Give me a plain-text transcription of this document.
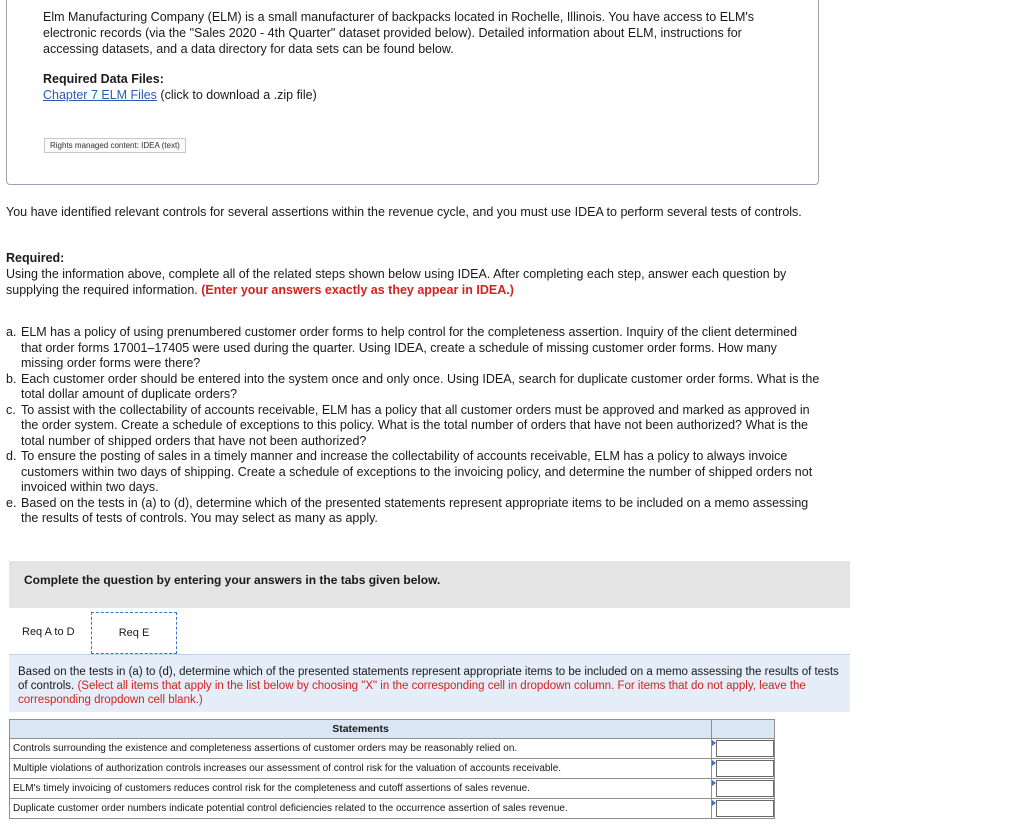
Elm Manufacturing Company (ELM) is a small manufacturer of backpacks located in Rochelle, Illinois. You have access to ELM's electronic records (via the "Sales 2020 - 4th Quarter" dataset provided below). Detailed information about ELM, instructions for accessing datasets, and a data directory for data sets can be found below.
Required Data Files:
Chapter 7 ELM Files (click to download a .zip file)
Rights managed content: IDEA (text)
You have identified relevant controls for several assertions within the revenue cycle, and you must use IDEA to perform several tests of controls.
Required:
Using the information above, complete all of the related steps shown below using IDEA. After completing each step, answer each question by supplying the required information. (Enter your answers exactly as they appear in IDEA.)
a. ELM has a policy of using prenumbered customer order forms to help control for the completeness assertion. Inquiry of the client determined that order forms 17001–17405 were used during the quarter. Using IDEA, create a schedule of missing customer order forms. How many missing order forms were there?
b. Each customer order should be entered into the system once and only once. Using IDEA, search for duplicate customer order forms. What is the total dollar amount of duplicate orders?
c. To assist with the collectability of accounts receivable, ELM has a policy that all customer orders must be approved and marked as approved in the order system. Create a schedule of exceptions to this policy. What is the total number of orders that have not been authorized? What is the total number of shipped orders that have not been authorized?
d. To ensure the posting of sales in a timely manner and increase the collectability of accounts receivable, ELM has a policy to always invoice customers within two days of shipping. Create a schedule of exceptions to the invoicing policy, and determine the number of shipped orders not invoiced within two days.
e. Based on the tests in (a) to (d), determine which of the presented statements represent appropriate items to be included on a memo assessing the results of tests of controls. You may select as many as apply.
Complete the question by entering your answers in the tabs given below.
Req A to D	Req E
Based on the tests in (a) to (d), determine which of the presented statements represent appropriate items to be included on a memo assessing the results of tests of controls. (Select all items that apply in the list below by choosing "X" in the corresponding cell in dropdown column. For items that do not apply, leave the corresponding dropdown cell blank.)
Statements	
Controls surrounding the existence and completeness assertions of customer orders may be reasonably relied on.	

Multiple violations of authorization controls increases our assessment of control risk for the valuation of accounts receivable.	

ELM's timely invoicing of customers reduces control risk for the completeness and cutoff assertions of sales revenue.	

Duplicate customer order numbers indicate potential control deficiencies related to the occurrence assertion of sales revenue.	
